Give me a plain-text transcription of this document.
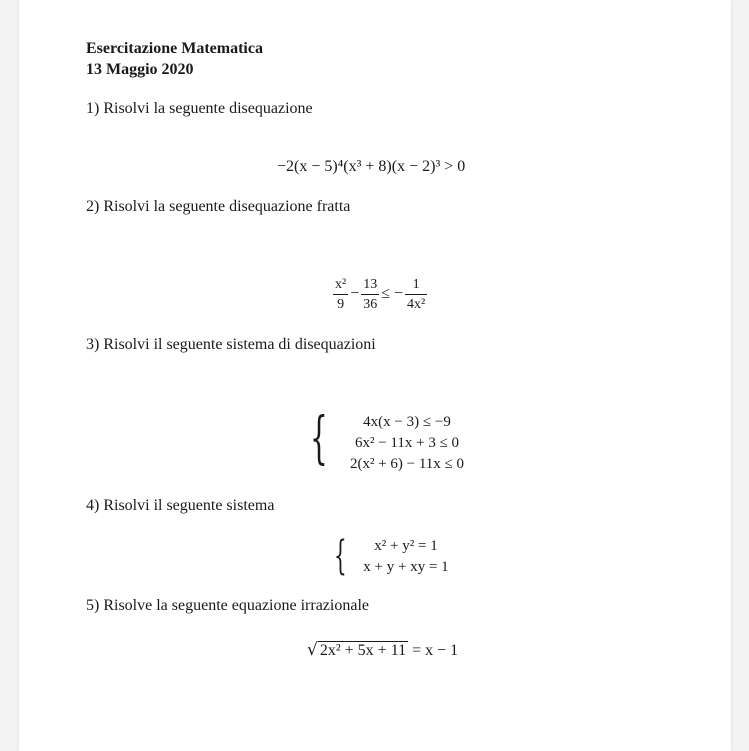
Esercitazione Matematica
13 Maggio 2020
1) Risolvi la seguente disequazione
−2(x − 5)⁴(x³ + 8)(x − 2)³ > 0
2) Risolvi la seguente disequazione fratta
$\frac{\text{x²}}{9} - \frac{13}{36}$ ≤ − $\frac{1}{\text{4x²}}$
3) Risolvi il seguente sistema di disequazioni
{	4x(x − 3) ≤ −9
6x² − 11x + 3 ≤ 0
2(x² + 6) − 11x ≤ 0
4) Risolvi il seguente sistema
{	x² + y² = 1
x + y + xy = 1
5) Risolve la seguente equazione irrazionale
√ 2x² + 5x + 11 = x − 1
